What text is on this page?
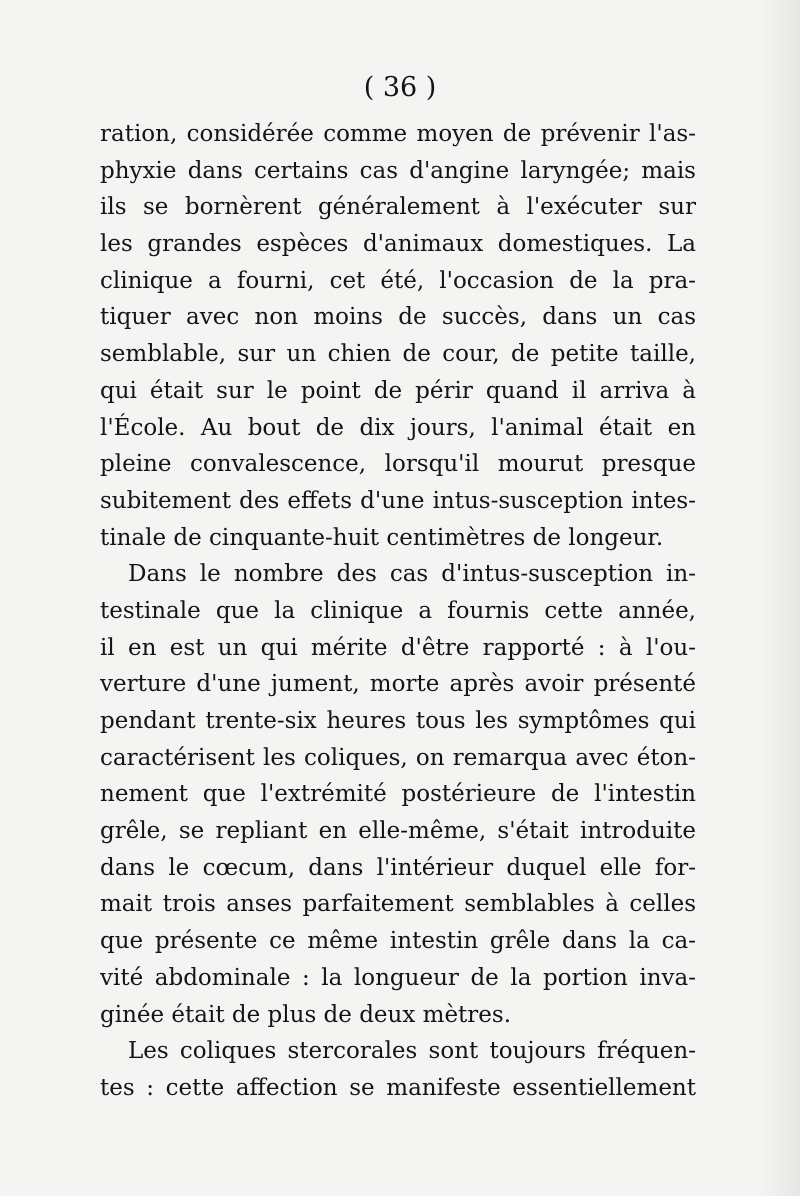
( 36 )
ration, considérée comme moyen de prévenir l'as-
phyxie dans certains cas d'angine laryngée; mais
ils se bornèrent généralement à l'exécuter sur
les grandes espèces d'animaux domestiques. La
clinique a fourni, cet été, l'occasion de la pra-
tiquer avec non moins de succès, dans un cas
semblable, sur un chien de cour, de petite taille,
qui était sur le point de périr quand il arriva à
l'École. Au bout de dix jours, l'animal était en
pleine convalescence, lorsqu'il mourut presque
subitement des effets d'une intus-susception intes-
tinale de cinquante-huit centimètres de longeur.
Dans le nombre des cas d'intus-susception in-
testinale que la clinique a fournis cette année,
il en est un qui mérite d'être rapporté : à l'ou-
verture d'une jument, morte après avoir présenté
pendant trente-six heures tous les symptômes qui
caractérisent les coliques, on remarqua avec éton-
nement que l'extrémité postérieure de l'intestin
grêle, se repliant en elle-même, s'était introduite
dans le cœcum, dans l'intérieur duquel elle for-
mait trois anses parfaitement semblables à celles
que présente ce même intestin grêle dans la ca-
vité abdominale : la longueur de la portion inva-
ginée était de plus de deux mètres.
Les coliques stercorales sont toujours fréquen-
tes : cette affection se manifeste essentiellement
